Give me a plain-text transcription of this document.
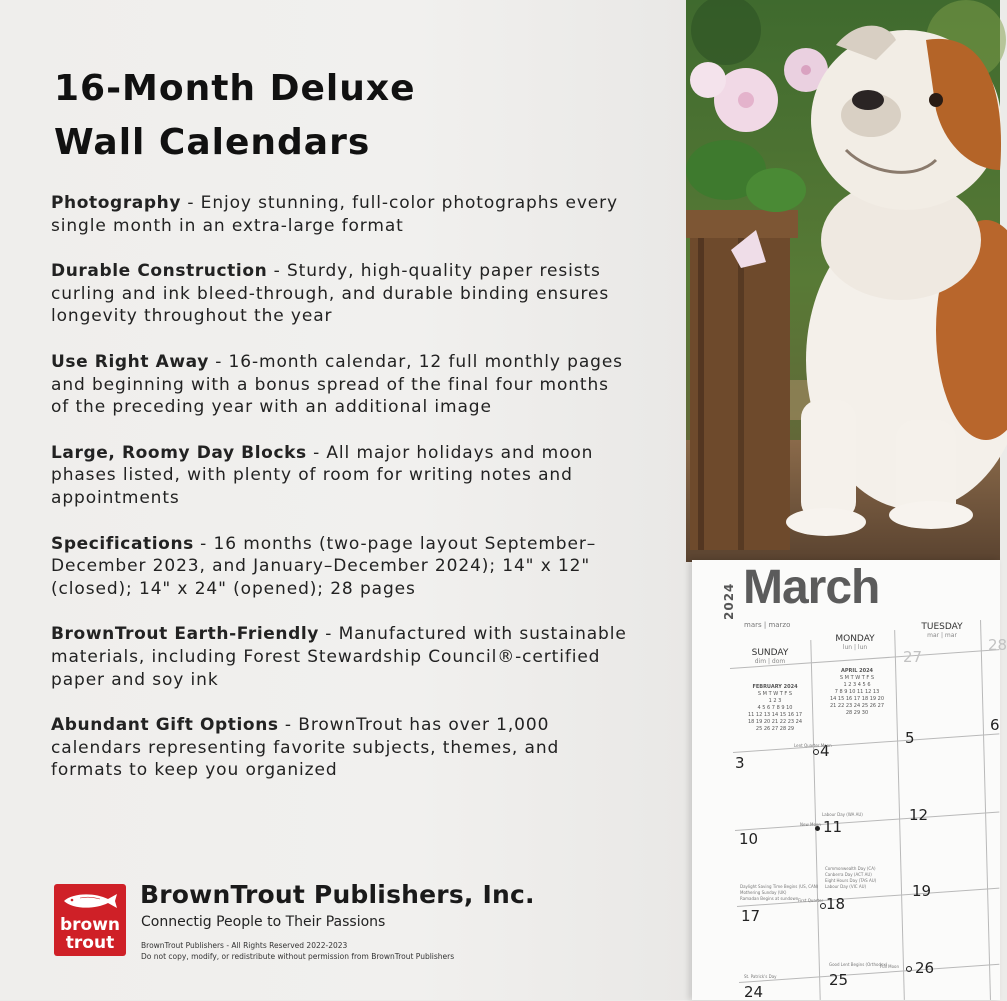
16-Month Deluxe
Wall Calendars

Photography - Enjoy stunning, full-color photographs every single month in an extra-large format

Durable Construction - Sturdy, high-quality paper resists curling and ink bleed-through, and durable binding ensures longevity throughout the year

Use Right Away - 16-month calendar, 12 full monthly pages and beginning with a bonus spread of the final four months of the preceding year with an additional image

Large, Roomy Day Blocks - All major holidays and moon phases listed, with plenty of room for writing notes and appointments

Specifications - 16 months (two-page layout September–December 2023, and January–December 2024); 14" x 12" (closed); 14" x 24" (opened); 28 pages

BrownTrout Earth-Friendly - Manufactured with sustainable materials, including Forest Stewardship Council®-certified paper and soy ink

Abundant Gift Options - BrownTrout has over 1,000 calendars representing favorite subjects, themes, and formats to keep you organized

brown
trout
BrownTrout Publishers, Inc.
Connectig People to Their Passions
BrownTrout Publishers - All Rights Reserved 2022-2023
Do not copy, modify, or redistribute without permission from BrownTrout Publishers
2024 March
mars | marzo
SUNDAY
dim | dom
MONDAY
lun | lun
TUESDAY
mar | mar
FEBRUARY 2024
S M T W T F S
1 2 3
4 5 6 7 8 9 10
11 12 13 14 15 16 17
18 19 20 21 22 23 24
25 26 27 28 29
APRIL 2024
S M T W T F S
1 2 3 4 5 6
7 8 9 10 11 12 13
14 15 16 17 18 19 20
21 22 23 24 25 26 27
28 29 30
27
28
3
4
5
6
10
11
12
17
18
19
24
25
26
Lent Quarter Moon
Labour Day (WA AU)
New Moon
Commonwealth Day (CA)
Canberra Day (ACT AU)
Eight Hours Day (TAS AU)
Labour Day (VIC AU)
Daylight Saving Time Begins (US, CAN)
Mothering Sunday (UK)
Ramadan Begins at sundown First Quarter
St. Patrick's Day
Good Lent Begins (Orthodox)
Full Moon
